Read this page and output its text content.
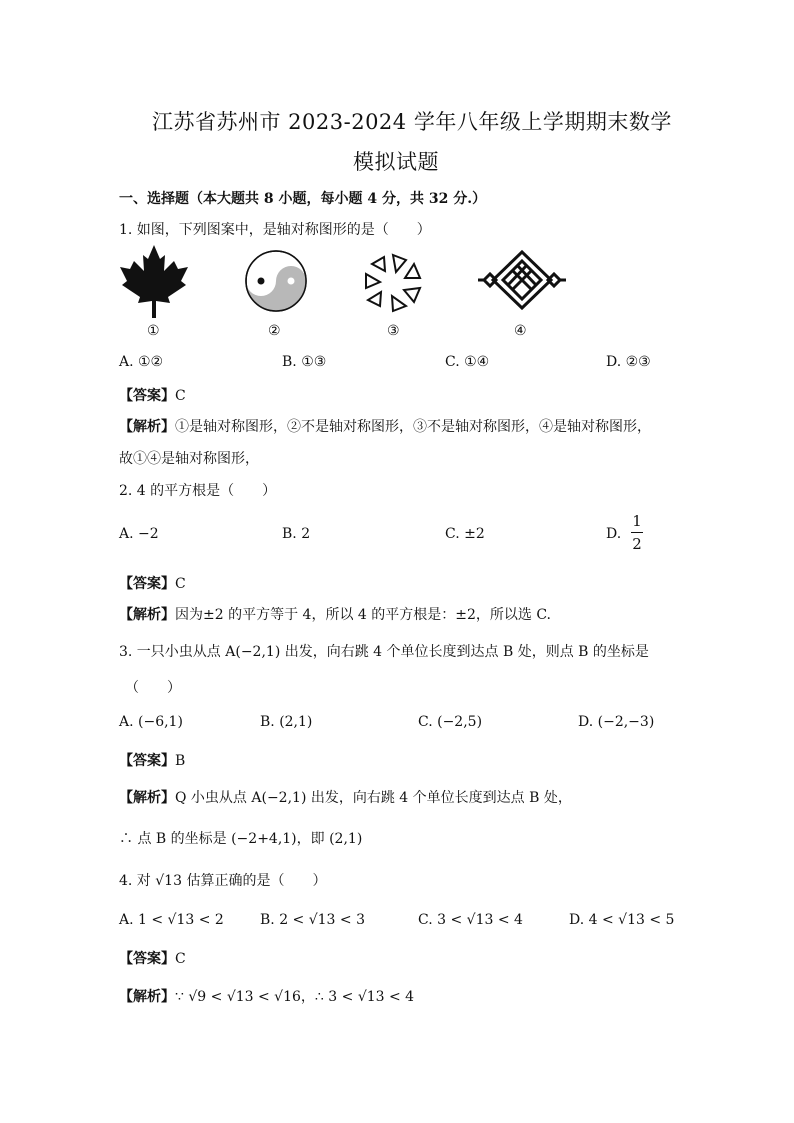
江苏省苏州市 2023-2024 学年八年级上学期期末数学
模拟试题
一、选择题（本大题共 8 小题，每小题 4 分，共 32 分.）
1. 如图，下列图案中，是轴对称图形的是（　　）
①	②	③	④
A. ①②	B. ①③	C. ①④	D. ②③
【答案】C
【解析】①是轴对称图形，②不是轴对称图形，③不是轴对称图形，④是轴对称图形，
故①④是轴对称图形，
2. 4 的平方根是（　　）
A. −2	B. 2	C. ±2	D.
1
2
【答案】C
【解析】因为±2 的平方等于 4，所以 4 的平方根是：±2，所以选 C.
3. 一只小虫从点 A(−2,1) 出发，向右跳 4 个单位长度到达点 B 处，则点 B 的坐标是
（　　）
A. (−6,1)	B. (2,1)	C. (−2,5)	D. (−2,−3)
【答案】B
【解析】Q 小虫从点 A(−2,1) 出发，向右跳 4 个单位长度到达点 B 处，
∴ 点 B 的坐标是 (−2+4,1)，即 (2,1)
4. 对 √13 估算正确的是（　　）
A. 1 < √13 < 2	B. 2 < √13 < 3	C. 3 < √13 < 4	D. 4 < √13 < 5
【答案】C
【解析】∵ √9 < √13 < √16，∴ 3 < √13 < 4
